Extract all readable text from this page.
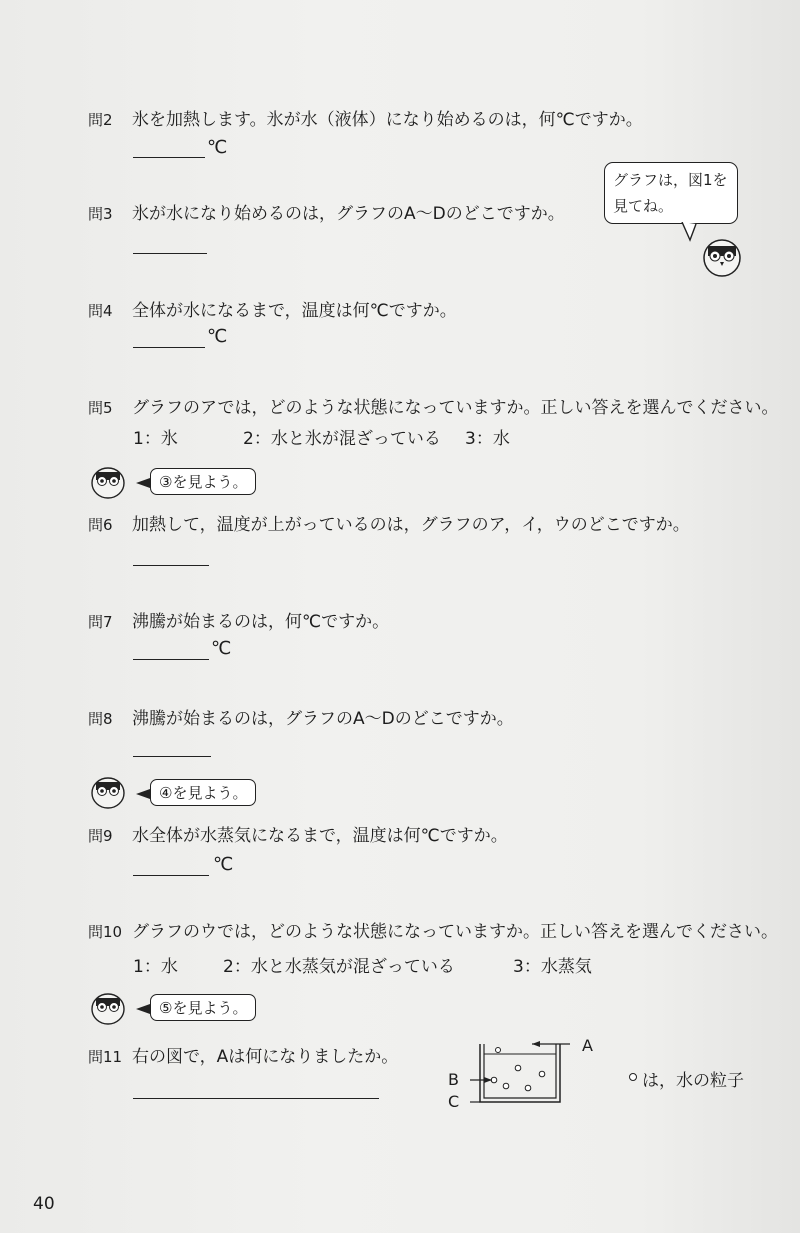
問2 氷を加熱します。氷が水（液体）になり始めるのは，何℃ですか。
℃
問3 氷が水になり始めるのは，グラフのA～Dのどこですか。
グラフは，図1を
見てね。
問4 全体が水になるまで，温度は何℃ですか。
℃
問5 グラフのアでは，どのような状態になっていますか。正しい答えを選んでください。
1：氷	2：水と氷が混ざっている 3：水
③を見よう。
問6 加熱して，温度が上がっているのは，グラフのア，イ，ウのどこですか。
問7 沸騰が始まるのは，何℃ですか。
℃
問8 沸騰が始まるのは，グラフのA～Dのどこですか。
④を見よう。
問9 水全体が水蒸気になるまで，温度は何℃ですか。
℃
問10 グラフのウでは，どのような状態になっていますか。正しい答えを選んでください。
1：水	2：水と水蒸気が混ざっている	3：水蒸気
⑤を見よう。
問11 右の図で，Aは何になりましたか。
A
B
C
は，水の粒子
40
